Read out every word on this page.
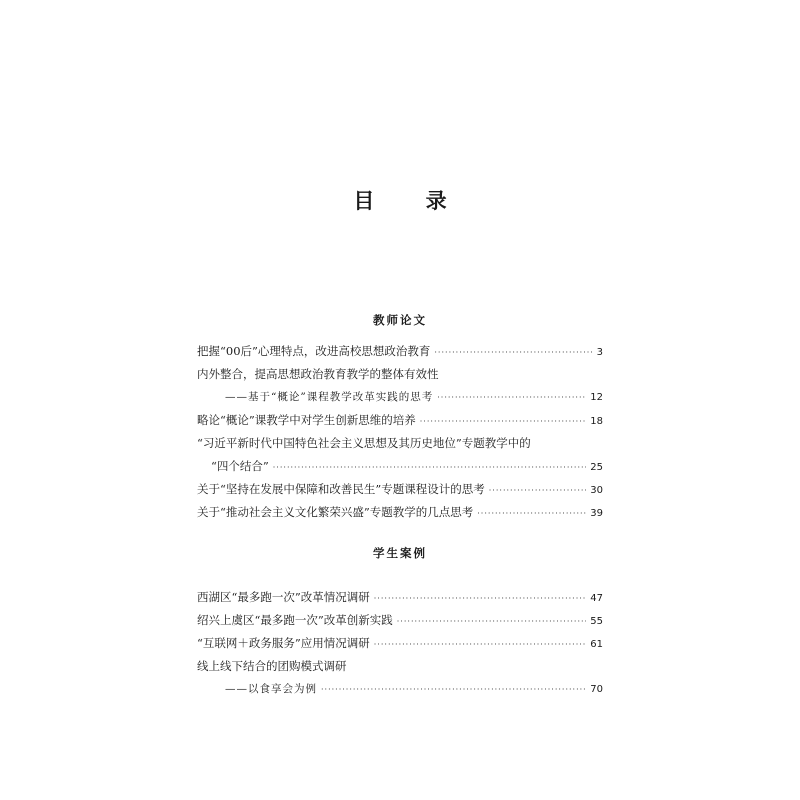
目 录
教师论文
把握“00后”心理特点，改进高校思想政治教育 ·····	3
内外整合，提高思想政治教育教学的整体有效性
——基于“概论”课程教学改革实践的思考 ·····	12
略论“概论”课教学中对学生创新思维的培养 ·····	18
“习近平新时代中国特色社会主义思想及其历史地位”专题教学中的
“四个结合” ·····	25
关于“坚持在发展中保障和改善民生”专题课程设计的思考 ·····	30
关于“推动社会主义文化繁荣兴盛”专题教学的几点思考 ·····	39
学生案例
西湖区“最多跑一次”改革情况调研 ·····	47
绍兴上虞区“最多跑一次”改革创新实践 ·····	55
“互联网＋政务服务”应用情况调研 ·····	61
线上线下结合的团购模式调研
——以食享会为例 ·····	70
